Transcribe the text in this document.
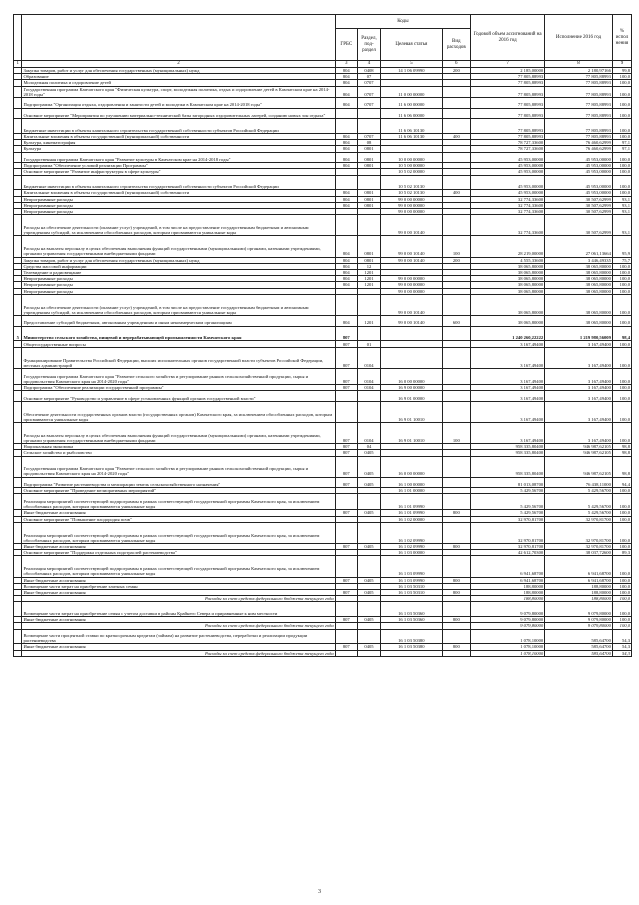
		Коды				Годовой объем ассигнований на 2016 год	Исполнение 2016 год	% испол нения
		ГРБС	Раздел, под-раздел	Целевая статья	Вид расходов			
1	2	3	4	5	6	7	8	9
	Закупка товаров, работ и услуг для обеспечения государственных (муниципальных) нужд	804	0408	14 1 06 09990	200	2 185,00000	2 180,97166	99,8
	Образование	804	07			77 805,88993	77 805,88993	100,0
	Молодежная политика и оздоровление детей	804	0707			77 805,88993	77 805,88993	100,0
	Государственная программа Камчатского края "Физическая культура, спорт, молодежная политика, отдых и оздоровление детей в Камчатском крае на 2014-2018 годы"	804	0707	11 0 00 00000		77 805,88993	77 805,88993	100,0
	Подпрограмма "Организация отдыха, оздоровления и занятости детей и молодежи в Камчатском крае на 2014-2018 годы"	804	0707	11 6 00 00000		77 805,88993	77 805,88993	100,0
	Основное мероприятие "Мероприятия по улучшению материально-технической базы загородных оздоровительных лагерей, созданию новых зон отдыха"			11 6 06 00000		77 805,88993	77 805,88993	100,0
	Бюджетные инвестиции в объекты капитального строительства государственной собственности субъектов Российской Федерации			11 6 06 10130		77 805,88993	77 805,88993	100,0
	Капитальные вложения в объекты государственной (муниципальной) собственности	804	0707	11 6 06 10130	400	77 805,88993	77 805,88993	100,0
	Культура, кинематография	804	08			78 727,33600	76 460,62999	97,1
	Культура	804	0801			78 727,33600	76 460,62999	97,1
	Государственная программа Камчатского края "Развитие культуры в Камчатском крае на 2014-2018 годы"	804	0801	10 0 00 00000		45 953,00000	45 953,00000	100,0
	Подпрограмма "Обеспечение условий реализации Программы"	804	0801	10 5 00 00000		45 953,00000	45 953,00000	100,0
	Основное мероприятие "Развитие инфраструктуры в сфере культуры"			10 5 02 00000		45 953,00000	45 953,00000	100,0
	Бюджетные инвестиции в объекты капитального строительства государственной собственности субъектов Российской Федерации			10 5 02 10130		45 953,00000	45 953,00000	100,0
	Капитальные вложения в объекты государственной (муниципальной) собственности	804	0801	10 5 02 10130	400	45 953,00000	45 953,00000	100,0
	Непрограммные расходы	804	0801	99 0 00 00000		32 774,33600	30 507,62999	93,1
	Непрограммные расходы	804	0801	99 0 00 00000		32 774,33600	30 507,62999	93,1
	Непрограммные расходы			99 0 00 00000		32 774,33600	30 507,62999	93,1
	Расходы на обеспечение деятельности (оказание услуг) учреждений, в том числе на предоставление государственным бюджетным и автономным учреждениям субсидий, за исключением обособленных расходов, которым присваиваются уникальные коды			99 0 00 10140		32 774,33600	30 507,62999	93,1
	Расходы на выплаты персоналу в целях обеспечения выполнения функций государственными (муниципальными) органами, казенными учреждениями, органами управления государственными внебюджетными фондами	804	0801	99 0 00 10140	100	28 219,00000	27 061,13664	95,9
	Закупка товаров, работ и услуг для обеспечения государственных (муниципальных) нужд	804	0801	99 0 00 10140	200	4 555,33600	3 446,49335	75,7
	Средства массовой информации	804	12			38 065,80000	38 065,80000	100,0
	Телевидение и радиовещание	804	1201			38 065,80000	38 065,80000	100,0
	Непрограммные расходы	804	1201	99 0 00 00000		38 065,80000	38 065,80000	100,0
	Непрограммные расходы	804	1201	99 0 00 00000		38 065,80000	38 065,80000	100,0
	Непрограммные расходы			99 0 00 00000		38 065,80000	38 065,80000	100,0
	Расходы на обеспечение деятельности (оказание услуг) учреждений, в том числе на предоставление государственным бюджетным и автономным учреждениям субсидий, за исключением обособленных расходов, которым присваиваются уникальные коды			99 0 00 10140		38 065,80000	38 065,80000	100,0
	Предоставление субсидий бюджетным, автономным учреждениям и иным некоммерческим организациям	804	1201	99 0 00 10140	600	38 065,80000	38 065,80000	100,0
5	Министерство сельского хозяйства, пищевой и перерабатывающей промышленности Камчатского края	807				1 240 260,22222	1 219 980,56009	98,4
	Общегосударственные вопросы	807	01			3 167,49400	3 167,49400	100,0
	Функционирование Правительства Российской Федерации, высших исполнительных органов государственной власти субъектов Российской Федерации, местных администраций	807	0104			3 167,49400	3 167,49400	100,0
	Государственная программа Камчатского края "Развитие сельского хозяйства и регулирование рынков сельскохозяйственной продукции, сырья и продовольствия Камчатского края на 2014-2020 годы"	807	0104	16 0 00 00000		3 167,49400	3 167,49400	100,0
	Подпрограмма "Обеспечение реализации государственной программы"	807	0104	16 9 00 00000		3 167,49400	3 167,49400	100,0
	Основное мероприятие "Руководство и управление в сфере установленных функций органов государственной власти"			16 9 01 00000		3 167,49400	3 167,49400	100,0
	Обеспечение деятельности государственных органов власти (государственных органов) Камчатского края, за исключением обособленных расходов, которым присваиваются уникальные коды			16 9 01 10010		3 167,49400	3 167,49400	100,0
	Расходы на выплаты персоналу в целях обеспечения выполнения функций государственными (муниципальными) органами, казенными учреждениями, органами управления государственными внебюджетными фондами	807	0104	16 9 01 10010	100	3 167,49400	3 167,49400	100,0
	Национальная экономика	807	04			958 335,80400	946 987,62105	98,8
	Сельское хозяйство и рыболовство	807	0405			958 335,80400	946 987,62105	98,8
	Государственная программа Камчатского края "Развитие сельского хозяйства и регулирование рынков сельскохозяйственной продукции, сырья и продовольствия Камчатского края на 2014-2020 годы"	807	0405	16 0 00 00000		958 335,80400	946 987,62105	98,8
	Подпрограмма "Развитие растениеводства и мелиорации земель сельскохозяйственного назначения"	807	0405	16 1 00 00000		81 013,08700	76 438,11000	94,4
	Основное мероприятие "Проведение мелиоративных мероприятий"			16 1 01 00000		5 429,56700	5 429,56700	100,0
	Реализация мероприятий соответствующей подпрограммы в рамках соответствующей государственной программы Камчатского края, за исключением обособленных расходов, которым присваиваются уникальные коды			16 1 01 09990		5 429,56700	5 429,56700	100,0
	Иные бюджетные ассигнования	807	0405	16 1 01 09990	800	5 429,56700	5 429,56700	100,0
	Основное мероприятие "Повышение плодородия почв"			16 1 02 00000		32 970,81700	32 970,81700	100,0
	Реализация мероприятий соответствующей подпрограммы в рамках соответствующей государственной программы Камчатского края, за исключением обособленных расходов, которым присваиваются уникальные коды			16 1 02 09990		32 970,81700	32 970,81700	100,0
	Иные бюджетные ассигнования	807	0405	16 1 02 09990	800	32 970,81700	32 970,81700	100,0
	Основное мероприятие "Поддержка отдельных подотраслей растениеводства"			16 1 03 00000		42 612,70300	38 037,72600	89,3
	Реализация мероприятий соответствующей подпрограммы в рамках соответствующей государственной программы Камчатского края, за исключением обособленных расходов, которым присваиваются уникальные коды			16 1 03 09990		6 941,68700	6 941,68700	100,0
	Иные бюджетные ассигнования	807	0405	16 1 03 09990	800	6 941,68700	6 941,68700	100,0
	Возмещение части затрат на приобретение элитных семян			16 1 03 50310		188,80000	188,80000	100,0
	Иные бюджетные ассигнования	807	0405	16 1 03 50310	800	188,80000	188,80000	100,0
	Расходы за счет средств федерального бюджета текущего года					188,80000	188,80000	100,0
	Возмещение части затрат на приобретение семян с учетом доставки в районы Крайнего Севера и приравненные к ним местности			16 1 03 50360		9 079,80000	9 079,80000	100,0
	Иные бюджетные ассигнования	807	0405	16 1 03 50360	800	9 079,80000	9 079,80000	100,0
	Расходы за счет средств федерального бюджета текущего года					9 079,80000	9 079,80000	100,0
	Возмещение части процентной ставки по краткосрочным кредитам (займам) на развитие растениеводства, переработки и реализации продукции растениеводства			16 1 03 50380		1 078,10000	585,64700	54,3
	Иные бюджетные ассигнования	807	0405	16 1 03 50380	800	1 078,10000	585,64700	54,3
	Расходы за счет средств федерального бюджета текущего года					1 078,10000	585,64700	54,3
3
